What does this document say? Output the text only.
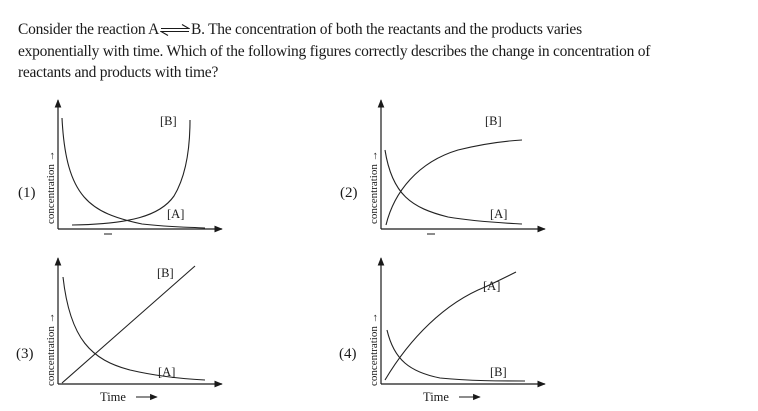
Consider the reaction A⇌B. The concentration of both the reactants and the products varies

exponentially with time. Which of the following figures correctly describes the change in concentration of

reactants and products with time?

(1) concentration →
[B]
[A]
(2) concentration →
[B]
[A]
(3) concentration →
[B]
[A]
Time
(4) concentration →
[A]
[B]
Time
